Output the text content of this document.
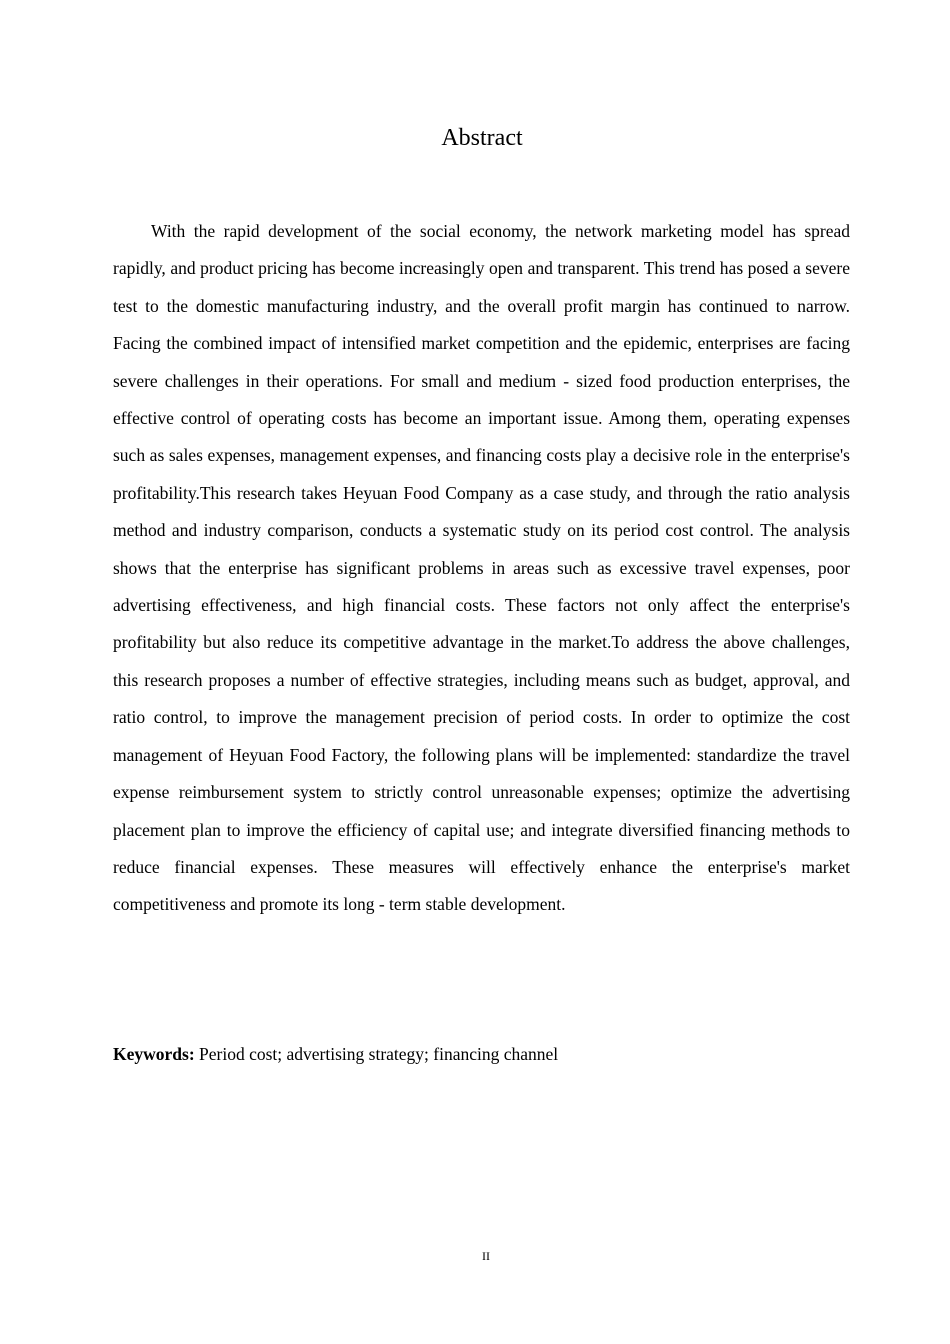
Abstract

With the rapid development of the social economy, the network marketing model has spread rapidly, and product pricing has become increasingly open and transparent. This trend has posed a severe test to the domestic manufacturing industry, and the overall profit margin has continued to narrow. Facing the combined impact of intensified market competition and the epidemic, enterprises are facing severe challenges in their operations. For small and medium - sized food production enterprises, the effective control of operating costs has become an important issue. Among them, operating expenses such as sales expenses, management expenses, and financing costs play a decisive role in the enterprise's profitability.This research takes Heyuan Food Company as a case study, and through the ratio analysis method and industry comparison, conducts a systematic study on its period cost control. The analysis shows that the enterprise has significant problems in areas such as excessive travel expenses, poor advertising effectiveness, and high financial costs. These factors not only affect the enterprise's profitability but also reduce its competitive advantage in the market.To address the above challenges, this research proposes a number of effective strategies, including means such as budget, approval, and ratio control, to improve the management precision of period costs. In order to optimize the cost management of Heyuan Food Factory, the following plans will be implemented: standardize the travel expense reimbursement system to strictly control unreasonable expenses; optimize the advertising placement plan to improve the efficiency of capital use; and integrate diversified financing methods to reduce financial expenses. These measures will effectively enhance the enterprise's market competitiveness and promote its long - term stable development.

Keywords: Period cost; advertising strategy; financing channel

II
